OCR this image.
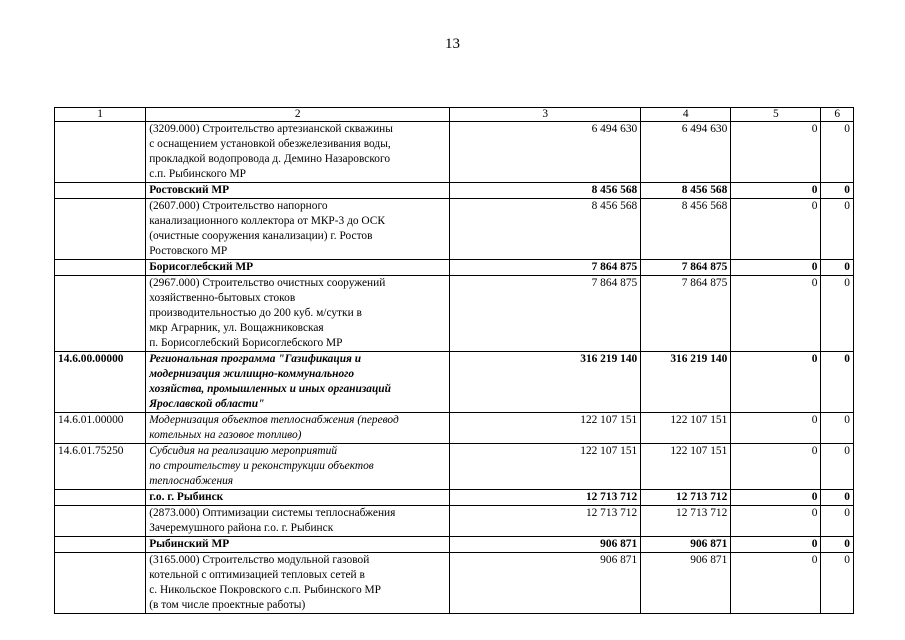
13
1	2	3	4	5	6
	(3209.000) Строительство артезианской скважины
с оснащением установкой обезжелезивания воды,
прокладкой водопровода д. Демино Назаровского
с.п. Рыбинского МР	6 494 630	6 494 630	0	0
	Ростовский МР	8 456 568	8 456 568	0	0
	(2607.000) Строительство напорного
канализационного коллектора от МКР-3 до ОСК
(очистные сооружения канализации) г. Ростов
Ростовского МР	8 456 568	8 456 568	0	0
	Борисоглебский МР	7 864 875	7 864 875	0	0
	(2967.000) Строительство очистных сооружений
хозяйственно-бытовых стоков
производительностью до 200 куб. м/сутки в
мкр Аграрник, ул. Вощажниковская
п. Борисоглебский Борисоглебского МР	7 864 875	7 864 875	0	0
14.6.00.00000	Региональная программа "Газификация и
модернизация жилищно-коммунального
хозяйства, промышленных и иных организаций
Ярославской области"	316 219 140	316 219 140	0	0
14.6.01.00000	Модернизация объектов теплоснабжения (перевод
котельных на газовое топливо)	122 107 151	122 107 151	0	0
14.6.01.75250	Субсидия на реализацию мероприятий
по строительству и реконструкции объектов
теплоснабжения	122 107 151	122 107 151	0	0
	г.о. г. Рыбинск	12 713 712	12 713 712	0	0
	(2873.000) Оптимизации системы теплоснабжения
Зачеремушного района г.о. г. Рыбинск	12 713 712	12 713 712	0	0
	Рыбинский МР	906 871	906 871	0	0
	(3165.000) Строительство модульной газовой
котельной с оптимизацией тепловых сетей в
с. Никольское Покровского с.п. Рыбинского МР
(в том числе проектные работы)	906 871	906 871	0	0
